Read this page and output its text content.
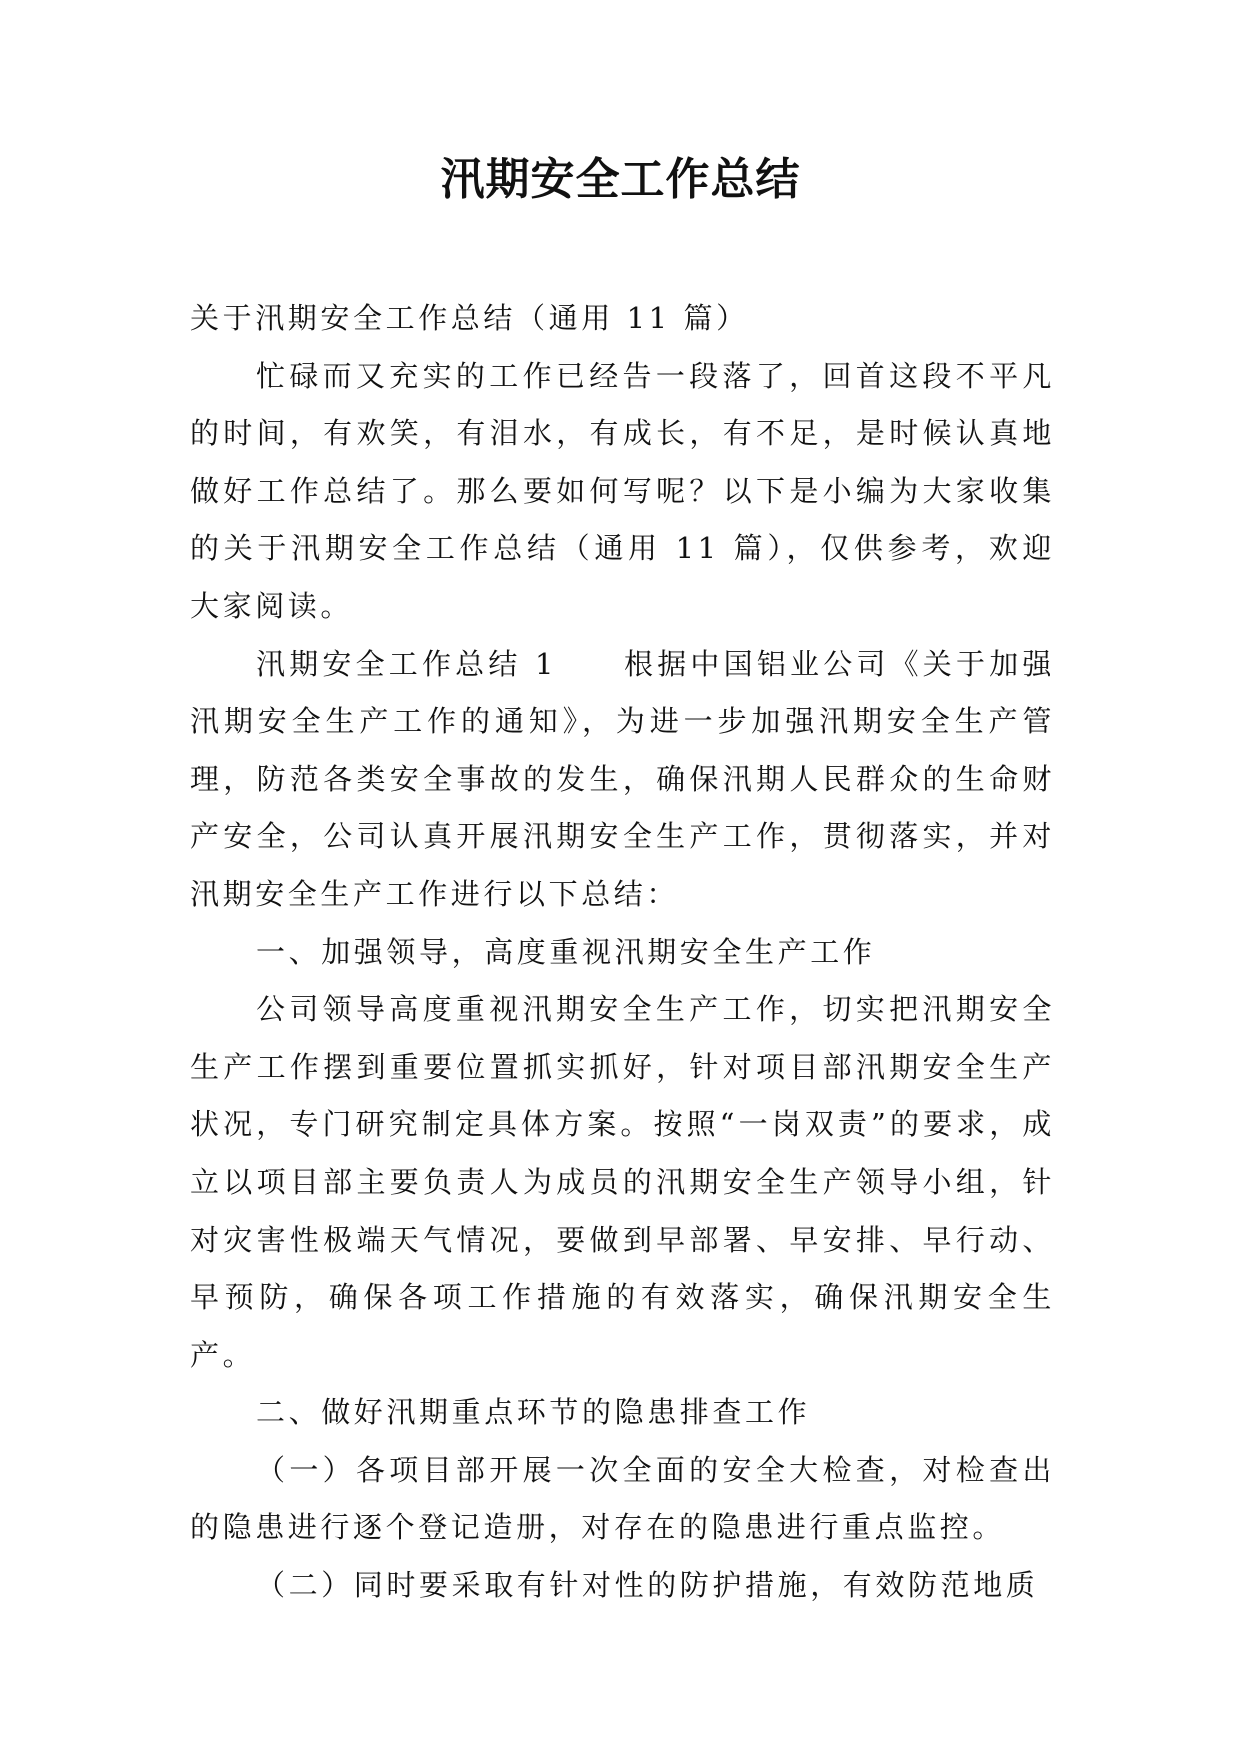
汛期安全工作总结

关于汛期安全工作总结（通用 11 篇）

忙碌而又充实的工作已经告一段落了，回首这段不平凡的时间，有欢笑，有泪水，有成长，有不足，是时候认真地做好工作总结了。那么要如何写呢？以下是小编为大家收集的关于汛期安全工作总结（通用 11 篇），仅供参考，欢迎大家阅读。

汛期安全工作总结 1　　根据中国铝业公司《关于加强汛期安全生产工作的通知》，为进一步加强汛期安全生产管理，防范各类安全事故的发生，确保汛期人民群众的生命财产安全，公司认真开展汛期安全生产工作，贯彻落实，并对汛期安全生产工作进行以下总结：

一、加强领导，高度重视汛期安全生产工作

公司领导高度重视汛期安全生产工作，切实把汛期安全生产工作摆到重要位置抓实抓好，针对项目部汛期安全生产状况，专门研究制定具体方案。按照“一岗双责”的要求，成立以项目部主要负责人为成员的汛期安全生产领导小组，针对灾害性极端天气情况，要做到早部署、早安排、早行动、早预防，确保各项工作措施的有效落实，确保汛期安全生产。

二、做好汛期重点环节的隐患排查工作

（一）各项目部开展一次全面的安全大检查，对检查出的隐患进行逐个登记造册，对存在的隐患进行重点监控。

（二）同时要采取有针对性的防护措施，有效防范地质
